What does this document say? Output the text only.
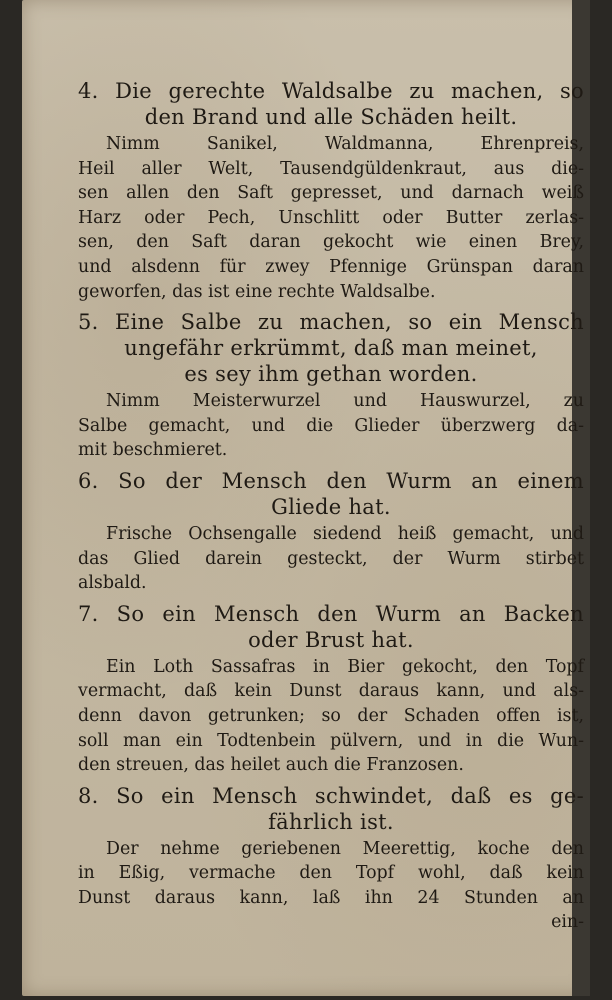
4. Die gerechte Waldsalbe zu machen, so
den Brand und alle Schäden heilt.
Nimm Sanikel, Waldmanna, Ehrenpreis,
Heil aller Welt, Tausendgüldenkraut, aus die-
sen allen den Saft gepresset, und darnach weiß
Harz oder Pech, Unschlitt oder Butter zerlas-
sen, den Saft daran gekocht wie einen Brey,
und alsdenn für zwey Pfennige Grünspan daran
geworfen, das ist eine rechte Waldsalbe.
5. Eine Salbe zu machen, so ein Mensch
ungefähr erkrümmt, daß man meinet,
es sey ihm gethan worden.
Nimm Meisterwurzel und Hauswurzel, zu
Salbe gemacht, und die Glieder überzwerg da-
mit beschmieret.
6. So der Mensch den Wurm an einem
Gliede hat.
Frische Ochsengalle siedend heiß gemacht, und
das Glied darein gesteckt, der Wurm stirbet
alsbald.
7. So ein Mensch den Wurm an Backen
oder Brust hat.
Ein Loth Sassafras in Bier gekocht, den Topf
vermacht, daß kein Dunst daraus kann, und als-
denn davon getrunken; so der Schaden offen ist,
soll man ein Todtenbein pülvern, und in die Wun-
den streuen, das heilet auch die Franzosen.
8. So ein Mensch schwindet, daß es ge-
fährlich ist.
Der nehme geriebenen Meerettig, koche den
in Eßig, vermache den Topf wohl, daß kein
Dunst daraus kann, laß ihn 24 Stunden an
ein-
